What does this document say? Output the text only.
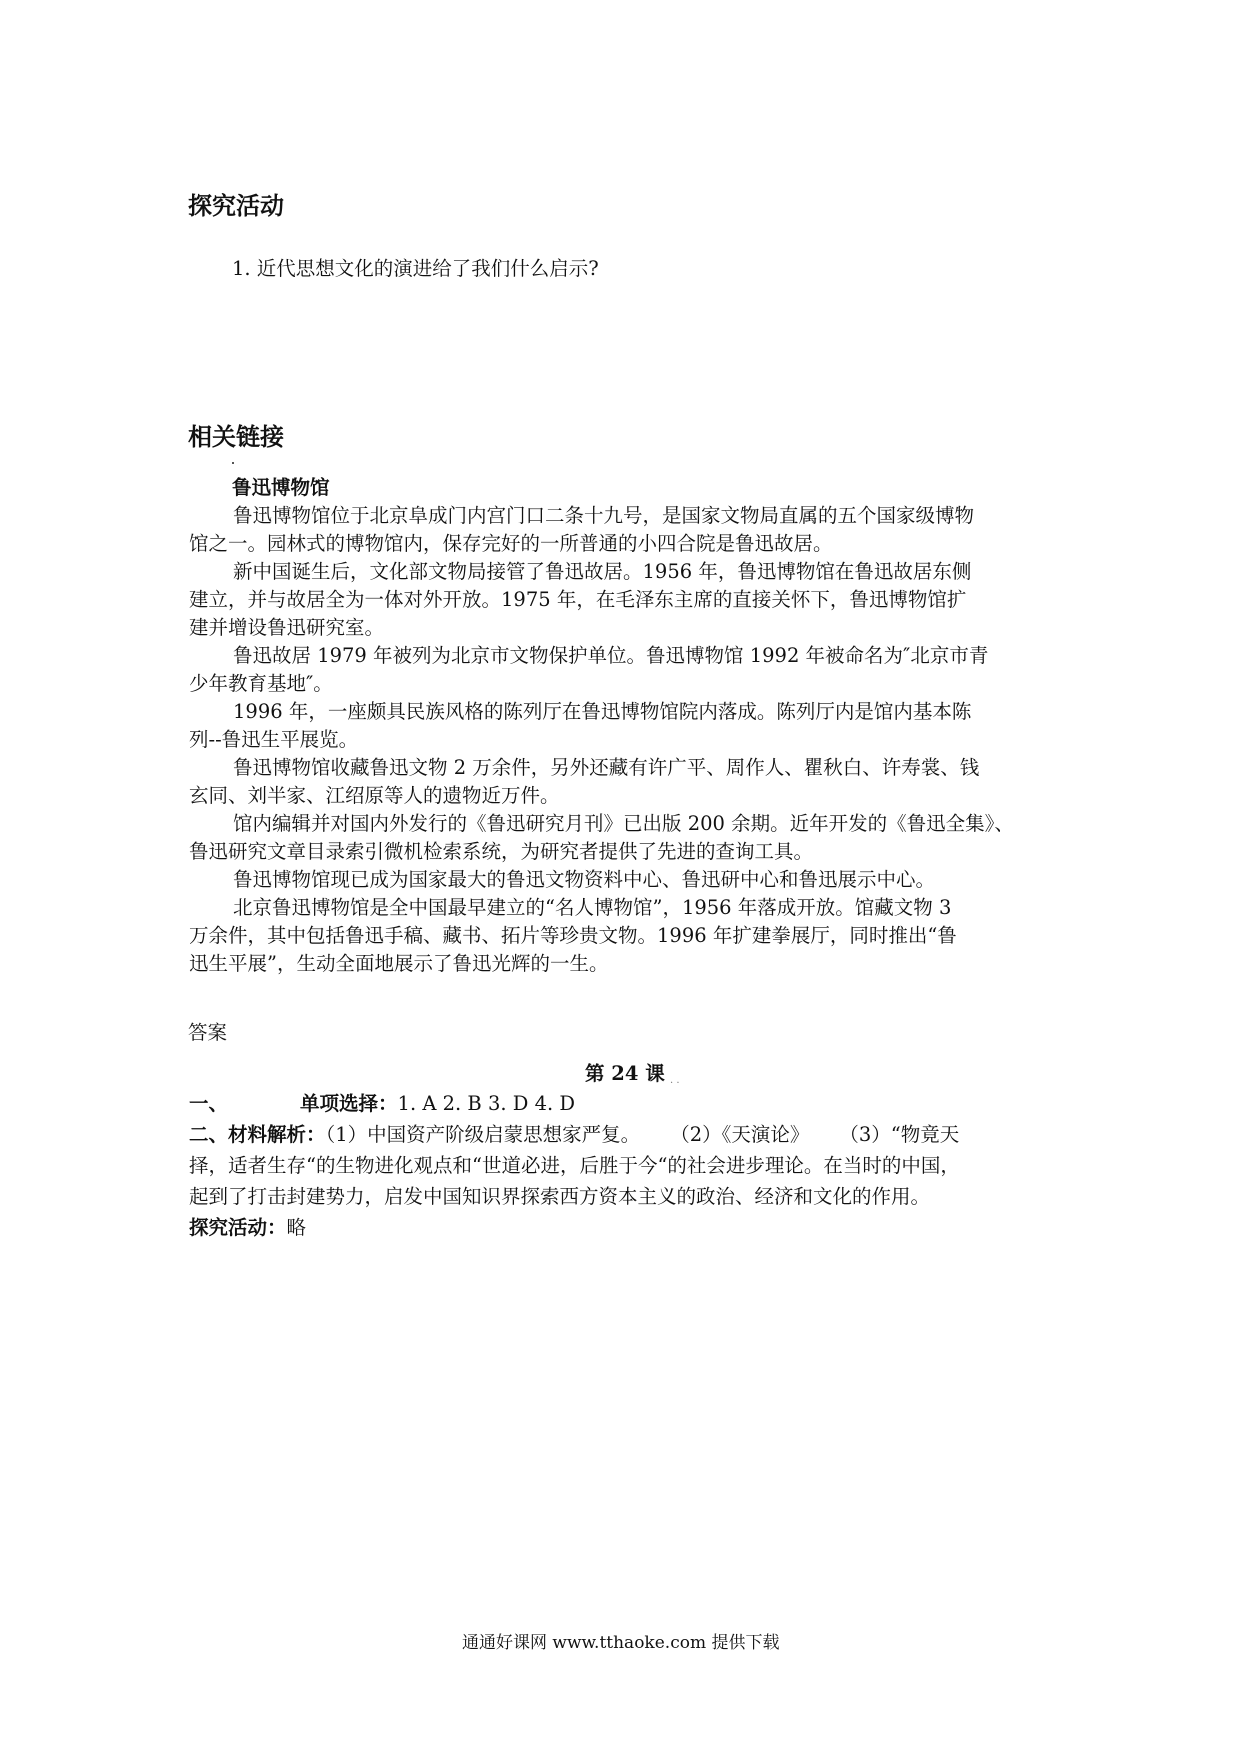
探究活动
1. 近代思想文化的演进给了我们什么启示?
相关链接
鲁迅博物馆
鲁迅博物馆位于北京阜成门内宫门口二条十九号，是国家文物局直属的五个国家级博物
馆之一。园林式的博物馆内，保存完好的一所普通的小四合院是鲁迅故居。
新中国诞生后，文化部文物局接管了鲁迅故居。1956 年，鲁迅博物馆在鲁迅故居东侧
建立，并与故居全为一体对外开放。1975 年，在毛泽东主席的直接关怀下，鲁迅博物馆扩
建并增设鲁迅研究室。
鲁迅故居 1979 年被列为北京市文物保护单位。鲁迅博物馆 1992 年被命名为″北京市青
少年教育基地″。
1996 年，一座颇具民族风格的陈列厅在鲁迅博物馆院内落成。陈列厅内是馆内基本陈
列--鲁迅生平展览。
鲁迅博物馆收藏鲁迅文物 2 万余件，另外还藏有许广平、周作人、瞿秋白、许寿裳、钱
玄同、刘半家、江绍原等人的遗物近万件。
馆内编辑并对国内外发行的《鲁迅研究月刊》已出版 200 余期。近年开发的《鲁迅全集》、
鲁迅研究文章目录索引微机检索系统，为研究者提供了先进的查询工具。
鲁迅博物馆现已成为国家最大的鲁迅文物资料中心、鲁迅研中心和鲁迅展示中心。
北京鲁迅博物馆是全中国最早建立的“名人博物馆”，1956 年落成开放。馆藏文物 3
万余件，其中包括鲁迅手稿、藏书、拓片等珍贵文物。1996 年扩建拳展厅，同时推出“鲁
迅生平展”，生动全面地展示了鲁迅光辉的一生。
答案
第 24 课 . .
一、	单项选择：1. A 2. B 3. D 4. D
二、材料解析：（1）中国资产阶级启蒙思想家严复。 （2）《天演论》 （3）“物竟天
择，适者生存“的生物进化观点和“世道必进，后胜于今“的社会进步理论。在当时的中国，
起到了打击封建势力，启发中国知识界探索西方资本主义的政治、经济和文化的作用。
探究活动：略
通通好课网 www.tthaoke.com 提供下载
